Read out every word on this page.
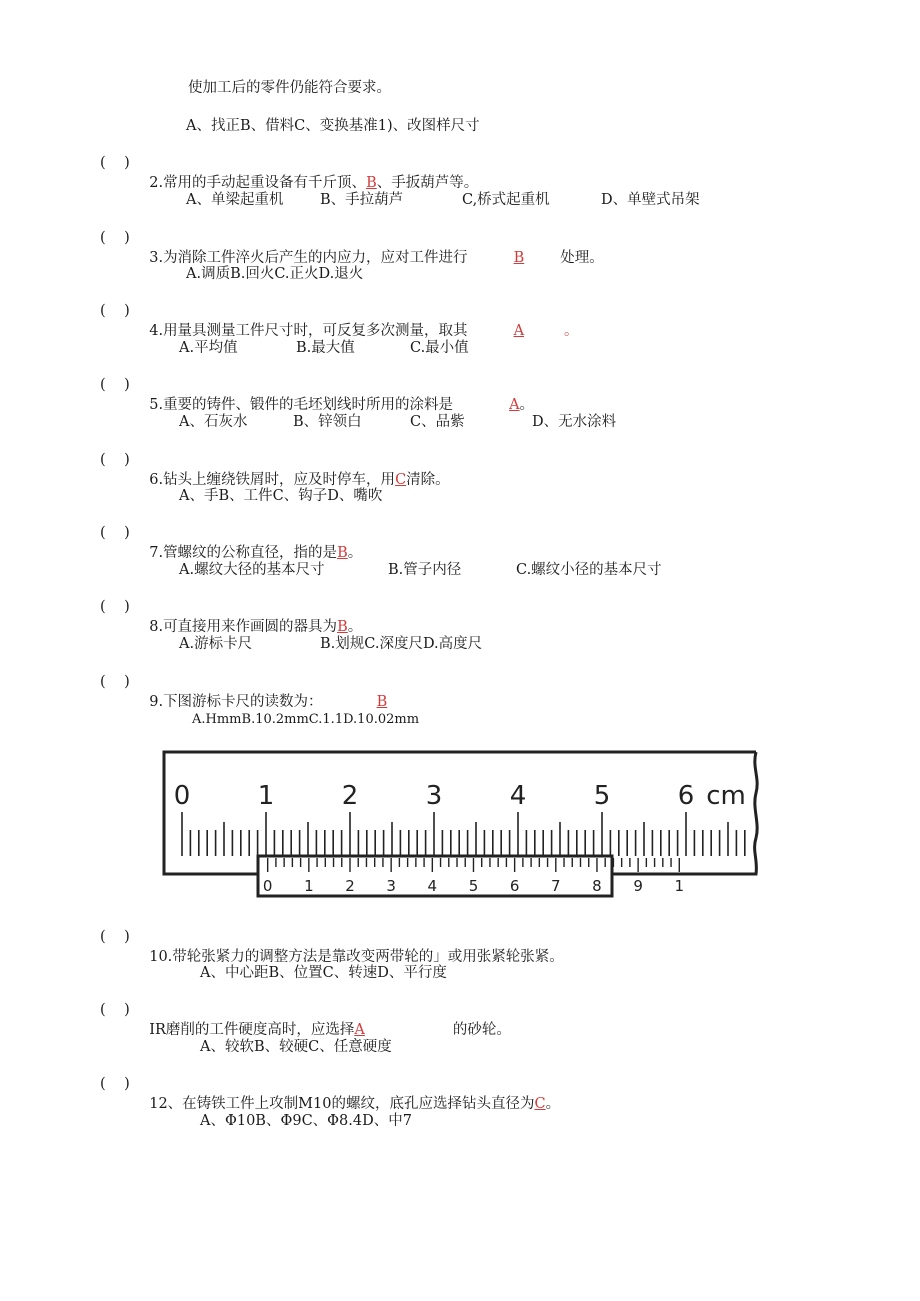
使加工后的零件仍能符合要求。
A、找正B、借料C、变换基准1)、改图样尺寸
(    )

2.常用的手动起重设备有千斤顶、B、手扳葫芦等。

A、单梁起重机	B、手拉葫芦	C,桥式起重机	D、单壁式吊架
(    )

3.为消除工件淬火后产生的内应力，应对工件进行	B 处理。

A.调质B.回火C.正火D.退火
(    )

4.用量具测量工件尺寸时，可反复多次测量，取其	A	。

A.平均值	B.最大值	C.最小值
(    )

5.重要的铸件、锻件的毛坯划线时所用的涂料是	A。

A、石灰水	B、锌领白	C、品紫	D、无水涂料
(    )

6.钻头上缠绕铁屑时，应及时停车，用C清除。

A、手B、工件C、钩子D、嘴吹
(    )

7.管螺纹的公称直径，指的是B。

A.螺纹大径的基本尺寸	B.管子内径	C.螺纹小径的基本尺寸
(    )

8.可直接用来作画圆的器具为B。

A.游标卡尺	B.划规C.深度尺D.高度尺
(    )

9.下图游标卡尺的读数为：	B

A.HmmB.10.2mmC.1.1D.10.02mm
0	1	2	3	4	5	6 cm
0 1 2 3 4 5 6 7 8 9 1
(    )

10.带轮张紧力的调整方法是靠改变两带轮的」或用张紧轮张紧。

A、中心距B、位置C、转速D、平行度
(    )

IR磨削的工件硬度高时，应选择A	的砂轮。

A、较软B、较硬C、任意硬度
(    )

12、在铸铁工件上攻制M10的螺纹，底孔应选择钻头直径为C。

A、Φ10B、Φ9C、Φ8.4D、中7
